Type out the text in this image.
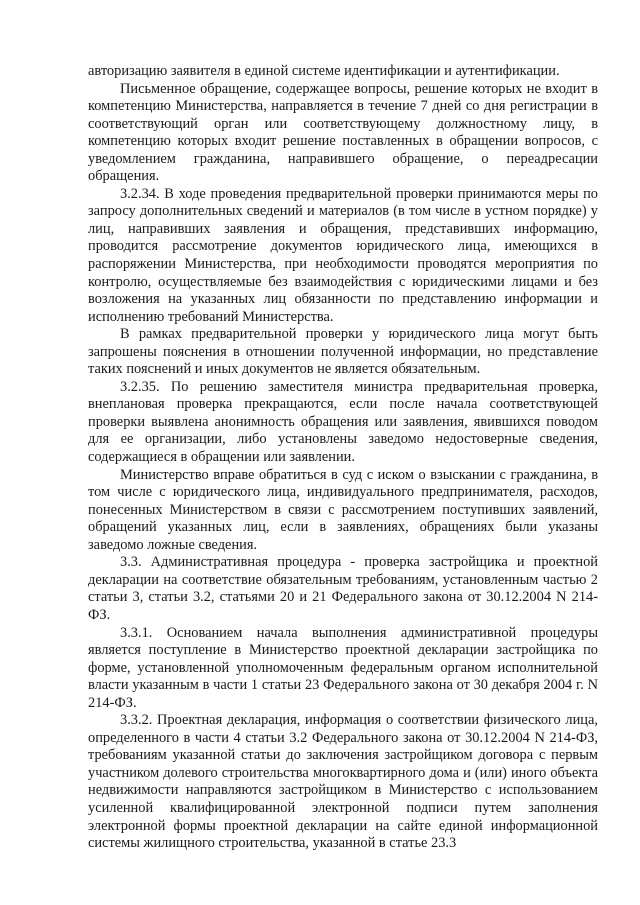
авторизацию заявителя в единой системе идентификации и аутентификации.

Письменное обращение, содержащее вопросы, решение которых не входит в компетенцию Министерства, направляется в течение 7 дней со дня регистрации в соответствующий орган или соответствующему должностному лицу, в компетенцию которых входит решение поставленных в обращении вопросов, с уведомлением гражданина, направившего обращение, о переадресации обращения.

3.2.34. В ходе проведения предварительной проверки принимаются меры по запросу дополнительных сведений и материалов (в том числе в устном порядке) у лиц, направивших заявления и обращения, представивших информацию, проводится рассмотрение документов юридического лица, имеющихся в распоряжении Министерства, при необходимости проводятся мероприятия по контролю, осуществляемые без взаимодействия с юридическими лицами и без возложения на указанных лиц обязанности по представлению информации и исполнению требований Министерства.

В рамках предварительной проверки у юридического лица могут быть запрошены пояснения в отношении полученной информации, но представление таких пояснений и иных документов не является обязательным.

3.2.35. По решению заместителя министра предварительная проверка, внеплановая проверка прекращаются, если после начала соответствующей проверки выявлена анонимность обращения или заявления, явившихся поводом для ее организации, либо установлены заведомо недостоверные сведения, содержащиеся в обращении или заявлении.

Министерство вправе обратиться в суд с иском о взыскании с гражданина, в том числе с юридического лица, индивидуального предпринимателя, расходов, понесенных Министерством в связи с рассмотрением поступивших заявлений, обращений указанных лиц, если в заявлениях, обращениях были указаны заведомо ложные сведения.

3.3. Административная процедура - проверка застройщика и проектной декларации на соответствие обязательным требованиям, установленным частью 2 статьи 3, статьи 3.2, статьями 20 и 21 Федерального закона от 30.12.2004 N 214-ФЗ.

3.3.1. Основанием начала выполнения административной процедуры является поступление в Министерство проектной декларации застройщика по форме, установленной уполномоченным федеральным органом исполнительной власти указанным в части 1 статьи 23 Федерального закона от 30 декабря 2004 г. N 214-ФЗ.

3.3.2. Проектная декларация, информация о соответствии физического лица, определенного в части 4 статьи 3.2 Федерального закона от 30.12.2004 N 214-ФЗ, требованиям указанной статьи до заключения застройщиком договора с первым участником долевого строительства многоквартирного дома и (или) иного объекта недвижимости направляются застройщиком в Министерство с использованием усиленной квалифицированной электронной подписи путем заполнения электронной формы проектной декларации на сайте единой информационной системы жилищного строительства, указанной в статье 23.3
